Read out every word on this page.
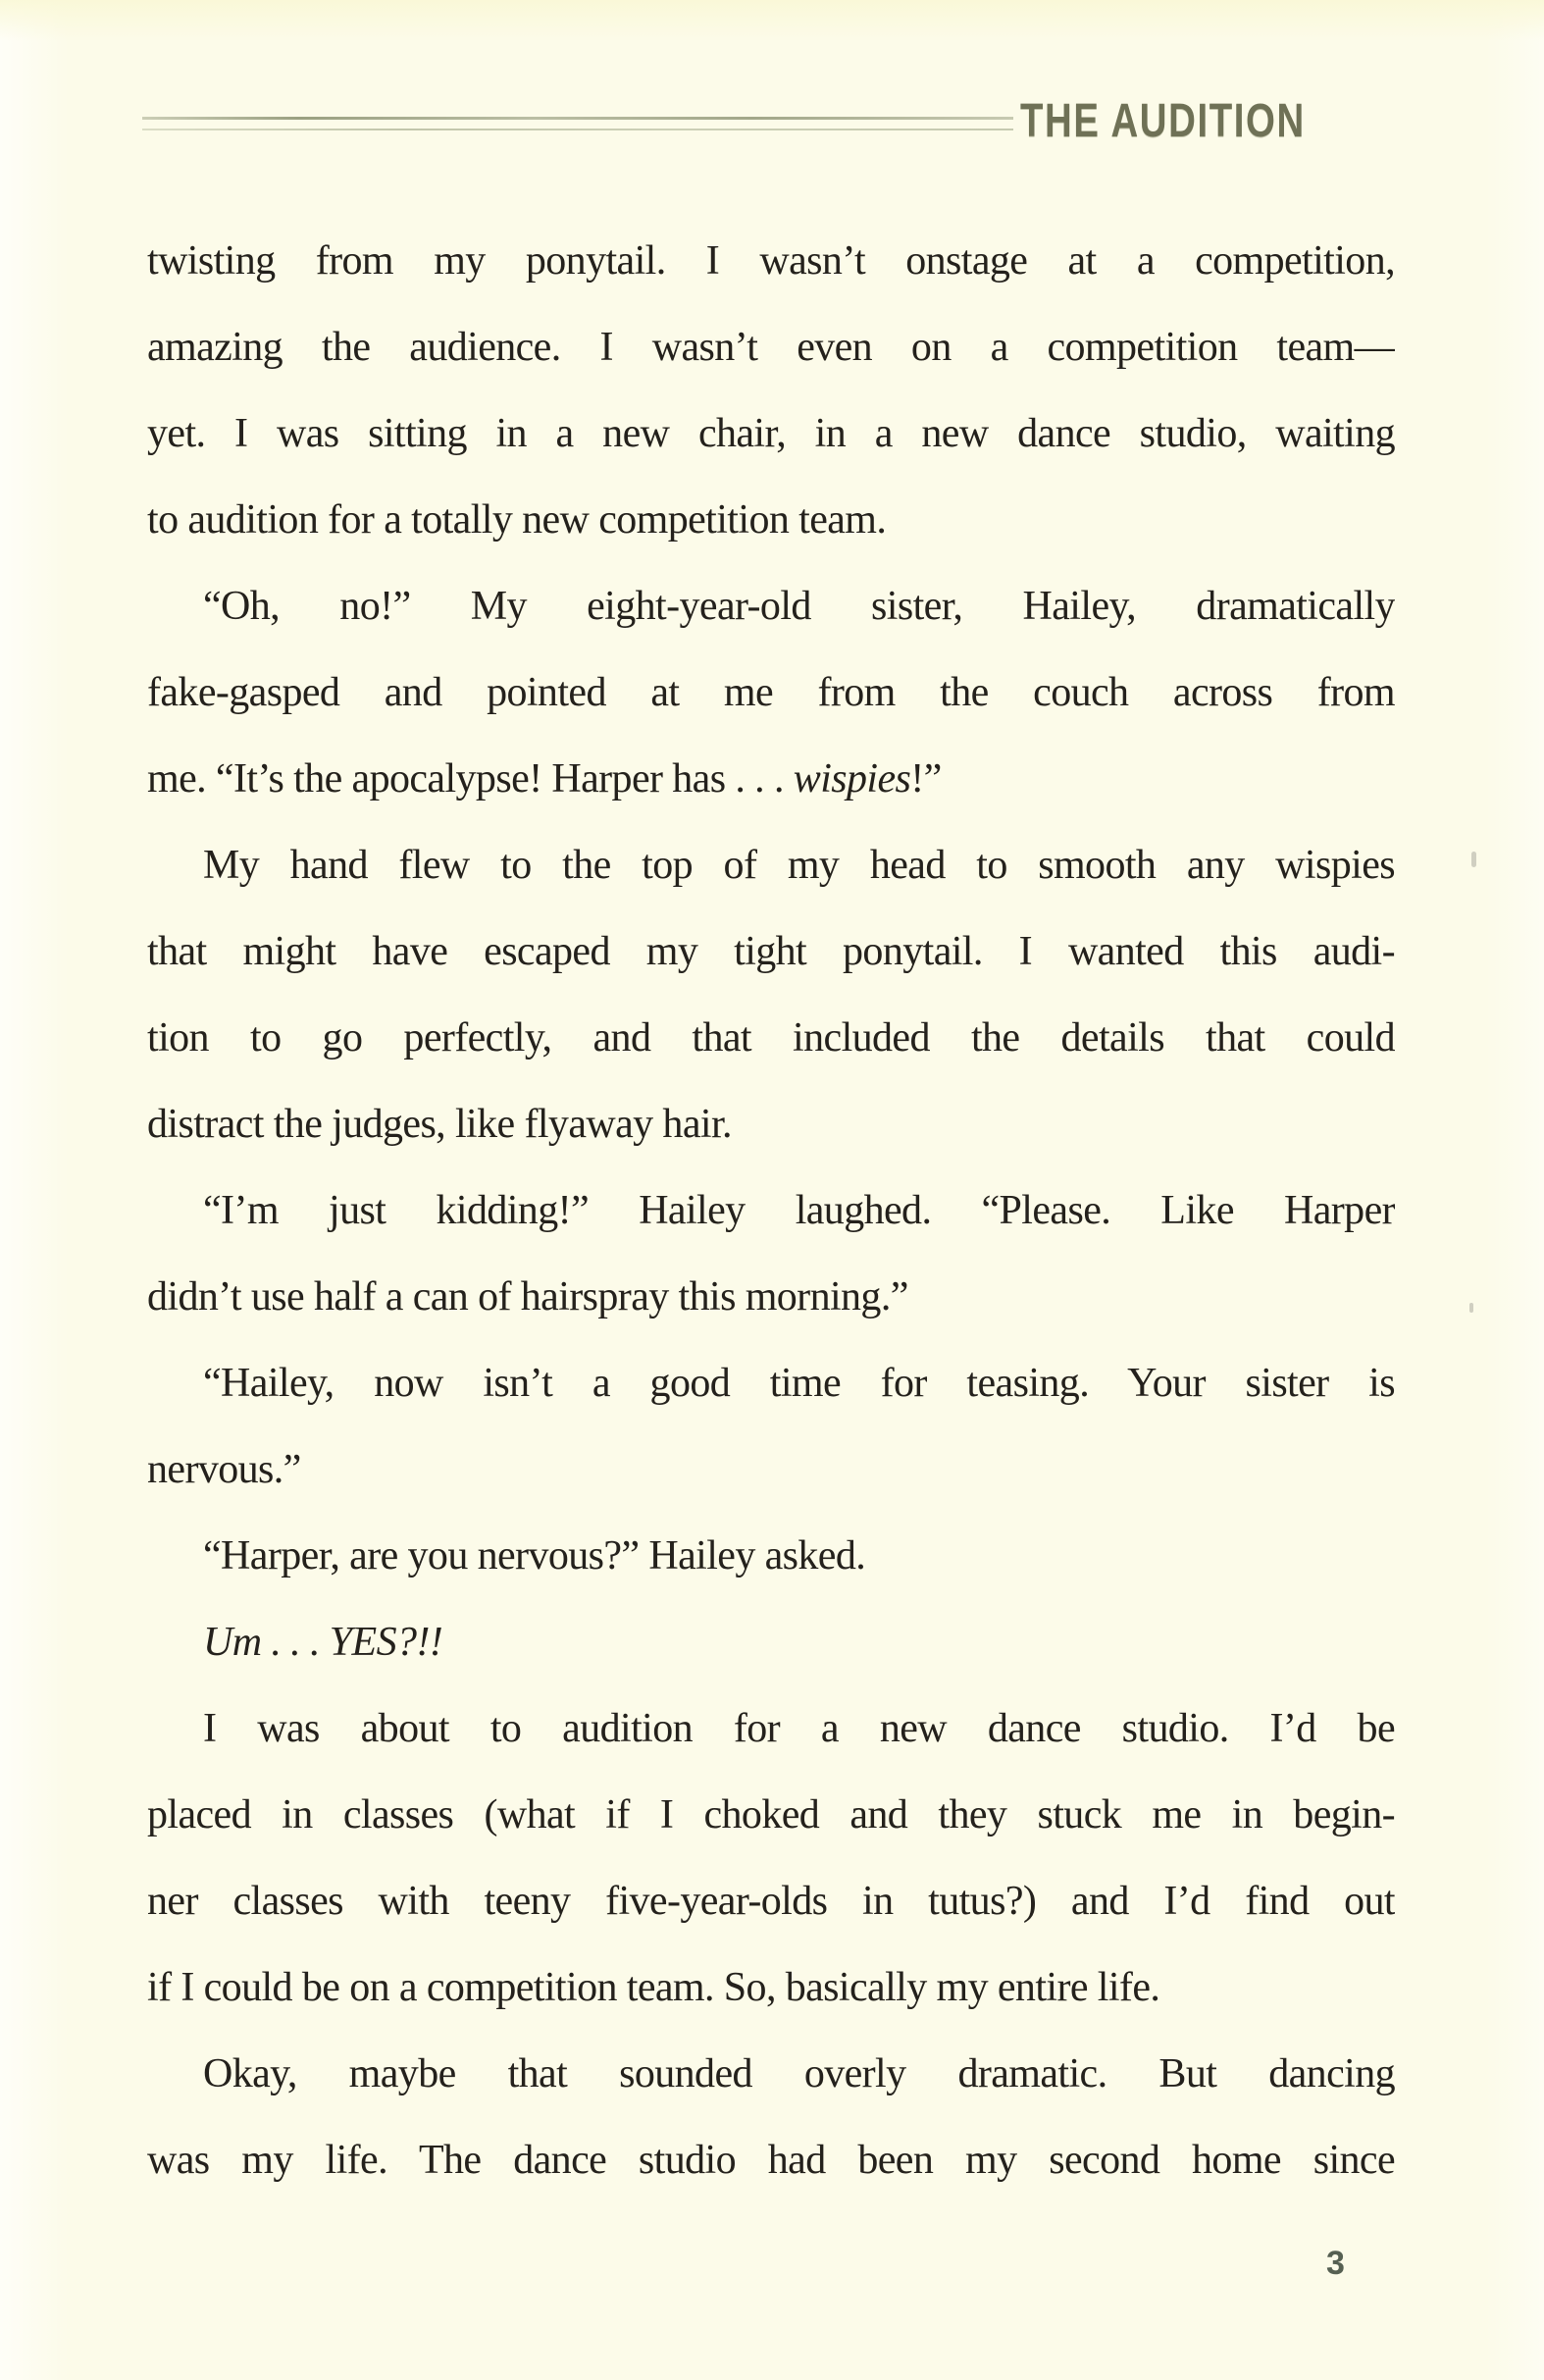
THE AUDITION
twisting from my ponytail. I wasn’t onstage at a competition,
amazing the audience. I wasn’t even on a competition team—
yet. I was sitting in a new chair, in a new dance studio, waiting
to audition for a totally new competition team.
“Oh, no!” My eight-year-old sister, Hailey, dramatically
fake-gasped and pointed at me from the couch across from
me. “It’s the apocalypse! Harper has . . . wispies!”
My hand flew to the top of my head to smooth any wispies
that might have escaped my tight ponytail. I wanted this audi-
tion to go perfectly, and that included the details that could
distract the judges, like flyaway hair.
“I’m just kidding!” Hailey laughed. “Please. Like Harper
didn’t use half a can of hairspray this morning.”
“Hailey, now isn’t a good time for teasing. Your sister is
nervous.”
“Harper, are you nervous?” Hailey asked.
Um . . . YES?!!
I was about to audition for a new dance studio. I’d be
placed in classes (what if I choked and they stuck me in begin-
ner classes with teeny five-year-olds in tutus?) and I’d find out
if I could be on a competition team. So, basically my entire life.
Okay, maybe that sounded overly dramatic. But dancing
was my life. The dance studio had been my second home since
3
